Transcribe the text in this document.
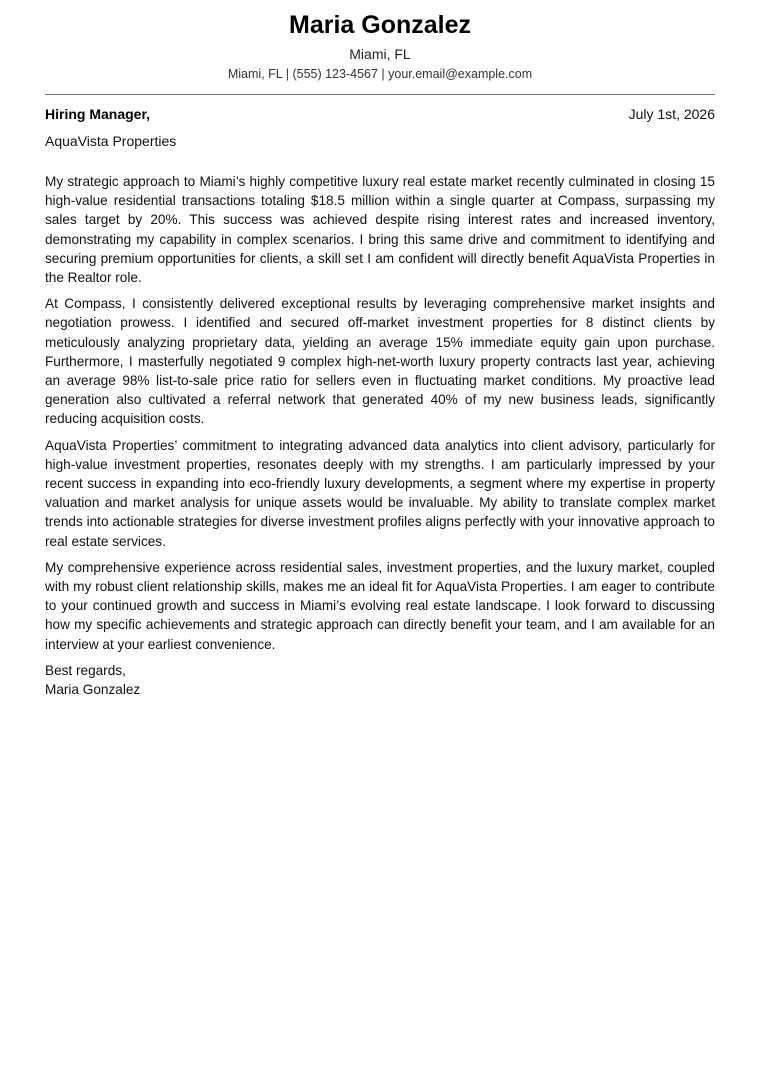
Maria Gonzalez
Miami, FL
Miami, FL | (555) 123-4567 | your.email@example.com
Hiring Manager,	July 1st, 2026
AquaVista Properties

My strategic approach to Miami’s highly competitive luxury real estate market recently culminated in closing 15 high-value residential transactions totaling $18.5 million within a single quarter at Compass, surpassing my sales target by 20%. This success was achieved despite rising interest rates and increased inventory, demonstrating my capability in complex scenarios. I bring this same drive and commitment to identifying and securing premium opportunities for clients, a skill set I am confident will directly benefit AquaVista Properties in the Realtor role.

At Compass, I consistently delivered exceptional results by leveraging comprehensive market insights and negotiation prowess. I identified and secured off-market investment properties for 8 distinct clients by meticulously analyzing proprietary data, yielding an average 15% immediate equity gain upon purchase. Furthermore, I masterfully negotiated 9 complex high-net-worth luxury property contracts last year, achieving an average 98% list-to-sale price ratio for sellers even in fluctuating market conditions. My proactive lead generation also cultivated a referral network that generated 40% of my new business leads, significantly reducing acquisition costs.

AquaVista Properties’ commitment to integrating advanced data analytics into client advisory, particularly for high-value investment properties, resonates deeply with my strengths. I am particularly impressed by your recent success in expanding into eco-friendly luxury developments, a segment where my expertise in property valuation and market analysis for unique assets would be invaluable. My ability to translate complex market trends into actionable strategies for diverse investment profiles aligns perfectly with your innovative approach to real estate services.

My comprehensive experience across residential sales, investment properties, and the luxury market, coupled with my robust client relationship skills, makes me an ideal fit for AquaVista Properties. I am eager to contribute to your continued growth and success in Miami’s evolving real estate landscape. I look forward to discussing how my specific achievements and strategic approach can directly benefit your team, and I am available for an interview at your earliest convenience.

Best regards,
Maria Gonzalez
